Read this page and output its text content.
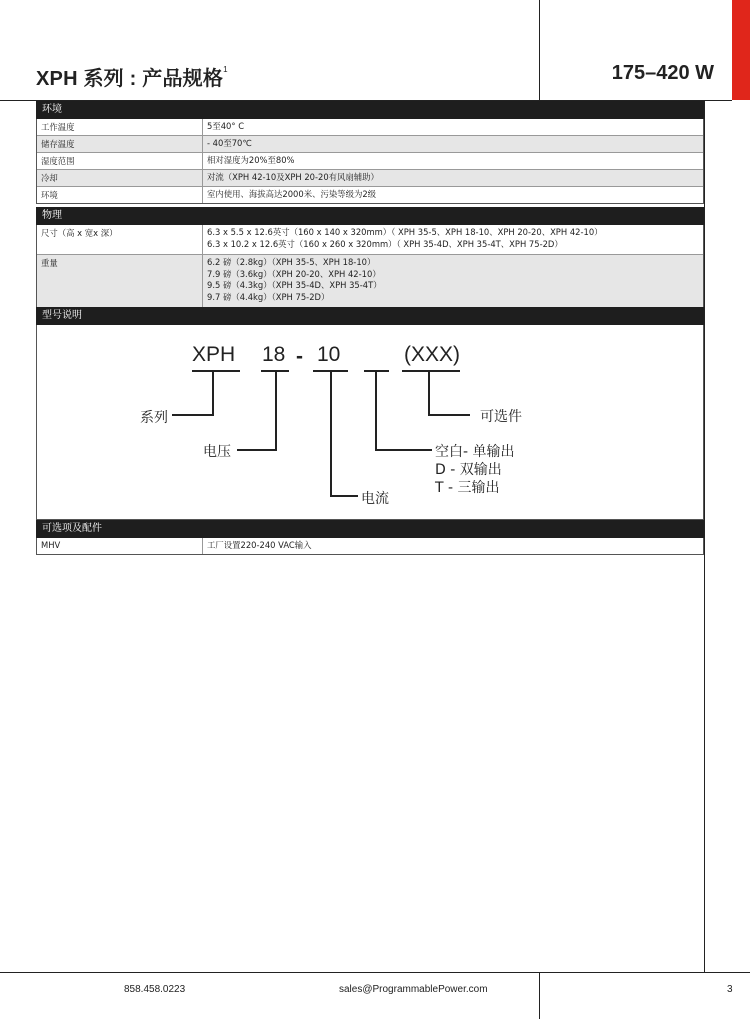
XPH 系列 : 产品规格$^1$	175–420 W
环境
工作温度	5至40° C
储存温度	- 40至70℃
湿度范围	相对湿度为20%至80%
冷却	对流（XPH 42-10及XPH 20-20有风扇辅助）
环境	室内使用、海拔高达2000米、污染等级为2级
物理
尺寸（高 x 宽x 深）	6.3 x 5.5 x 12.6英寸（160 x 140 x 320mm）（ XPH 35-5、XPH 18-10、XPH 20-20、XPH 42-10）
6.3 x 10.2 x 12.6英寸（160 x 260 x 320mm）（ XPH 35-4D、XPH 35-4T、XPH 75-2D）
重量	6.2 磅（2.8kg）（XPH 35-5、XPH 18-10）
7.9 磅（3.6kg）（XPH 20-20、XPH 42-10）
9.5 磅（4.3kg）（XPH 35-4D、XPH 35-4T）
9.7 磅（4.4kg）（XPH 75-2D）
型号说明
XPH 18 - 10	(XXX)
系列
电压
电流
可选件
空白- 单输出
D - 双输出
T - 三输出
可选项及配件
MHV	工厂设置220-240 VAC输入
858.458.0223	sales@ProgrammablePower.com	3
